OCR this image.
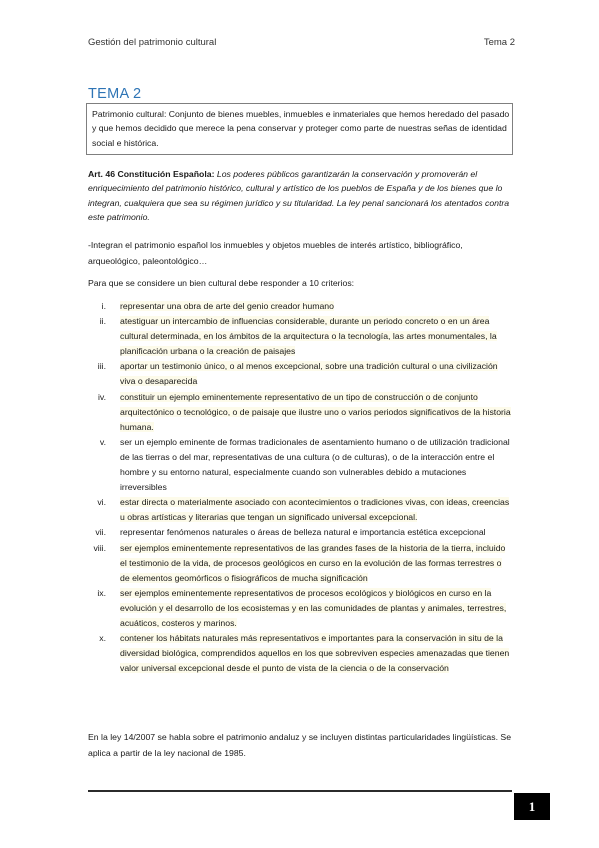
Gestión del patrimonio cultural	Tema 2
TEMA 2
Patrimonio cultural: Conjunto de bienes muebles, inmuebles e inmateriales que hemos heredado del pasado y que hemos decidido que merece la pena conservar y proteger como parte de nuestras señas de identidad social e histórica.
Art. 46 Constitución Española: Los poderes públicos garantizarán la conservación y promoverán el enriquecimiento del patrimonio histórico, cultural y artístico de los pueblos de España y de los bienes que lo integran, cualquiera que sea su régimen jurídico y su titularidad. La ley penal sancionará los atentados contra este patrimonio.
-Integran el patrimonio español los inmuebles y objetos muebles de interés artístico, bibliográfico, arqueológico, paleontológico…
Para que se considere un bien cultural debe responder a 10 criterios:
i.	representar una obra de arte del genio creador humano
ii.	atestiguar un intercambio de influencias considerable, durante un periodo concreto o en un área cultural determinada, en los ámbitos de la arquitectura o la tecnología, las artes monumentales, la planificación urbana o la creación de paisajes
iii.	aportar un testimonio único, o al menos excepcional, sobre una tradición cultural o una civilización viva o desaparecida
iv.	constituir un ejemplo eminentemente representativo de un tipo de construcción o de conjunto arquitectónico o tecnológico, o de paisaje que ilustre uno o varios periodos significativos de la historia humana.
v.	ser un ejemplo eminente de formas tradicionales de asentamiento humano o de utilización tradicional de las tierras o del mar, representativas de una cultura (o de culturas), o de la interacción entre el hombre y su entorno natural, especialmente cuando son vulnerables debido a mutaciones irreversibles
vi.	estar directa o materialmente asociado con acontecimientos o tradiciones vivas, con ideas, creencias u obras artísticas y literarias que tengan un significado universal excepcional.
vii.	representar fenómenos naturales o áreas de belleza natural e importancia estética excepcional
viii.	ser ejemplos eminentemente representativos de las grandes fases de la historia de la tierra, incluido el testimonio de la vida, de procesos geológicos en curso en la evolución de las formas terrestres o de elementos geomórficos o fisiográficos de mucha significación
ix.	ser ejemplos eminentemente representativos de procesos ecológicos y biológicos en curso en la evolución y el desarrollo de los ecosistemas y en las comunidades de plantas y animales, terrestres, acuáticos, costeros y marinos.
x.	contener los hábitats naturales más representativos e importantes para la conservación in situ de la diversidad biológica, comprendidos aquellos en los que sobreviven especies amenazadas que tienen valor universal excepcional desde el punto de vista de la ciencia o de la conservación
En la ley 14/2007 se habla sobre el patrimonio andaluz y se incluyen distintas particularidades lingüísticas. Se aplica a partir de la ley nacional de 1985.
1
